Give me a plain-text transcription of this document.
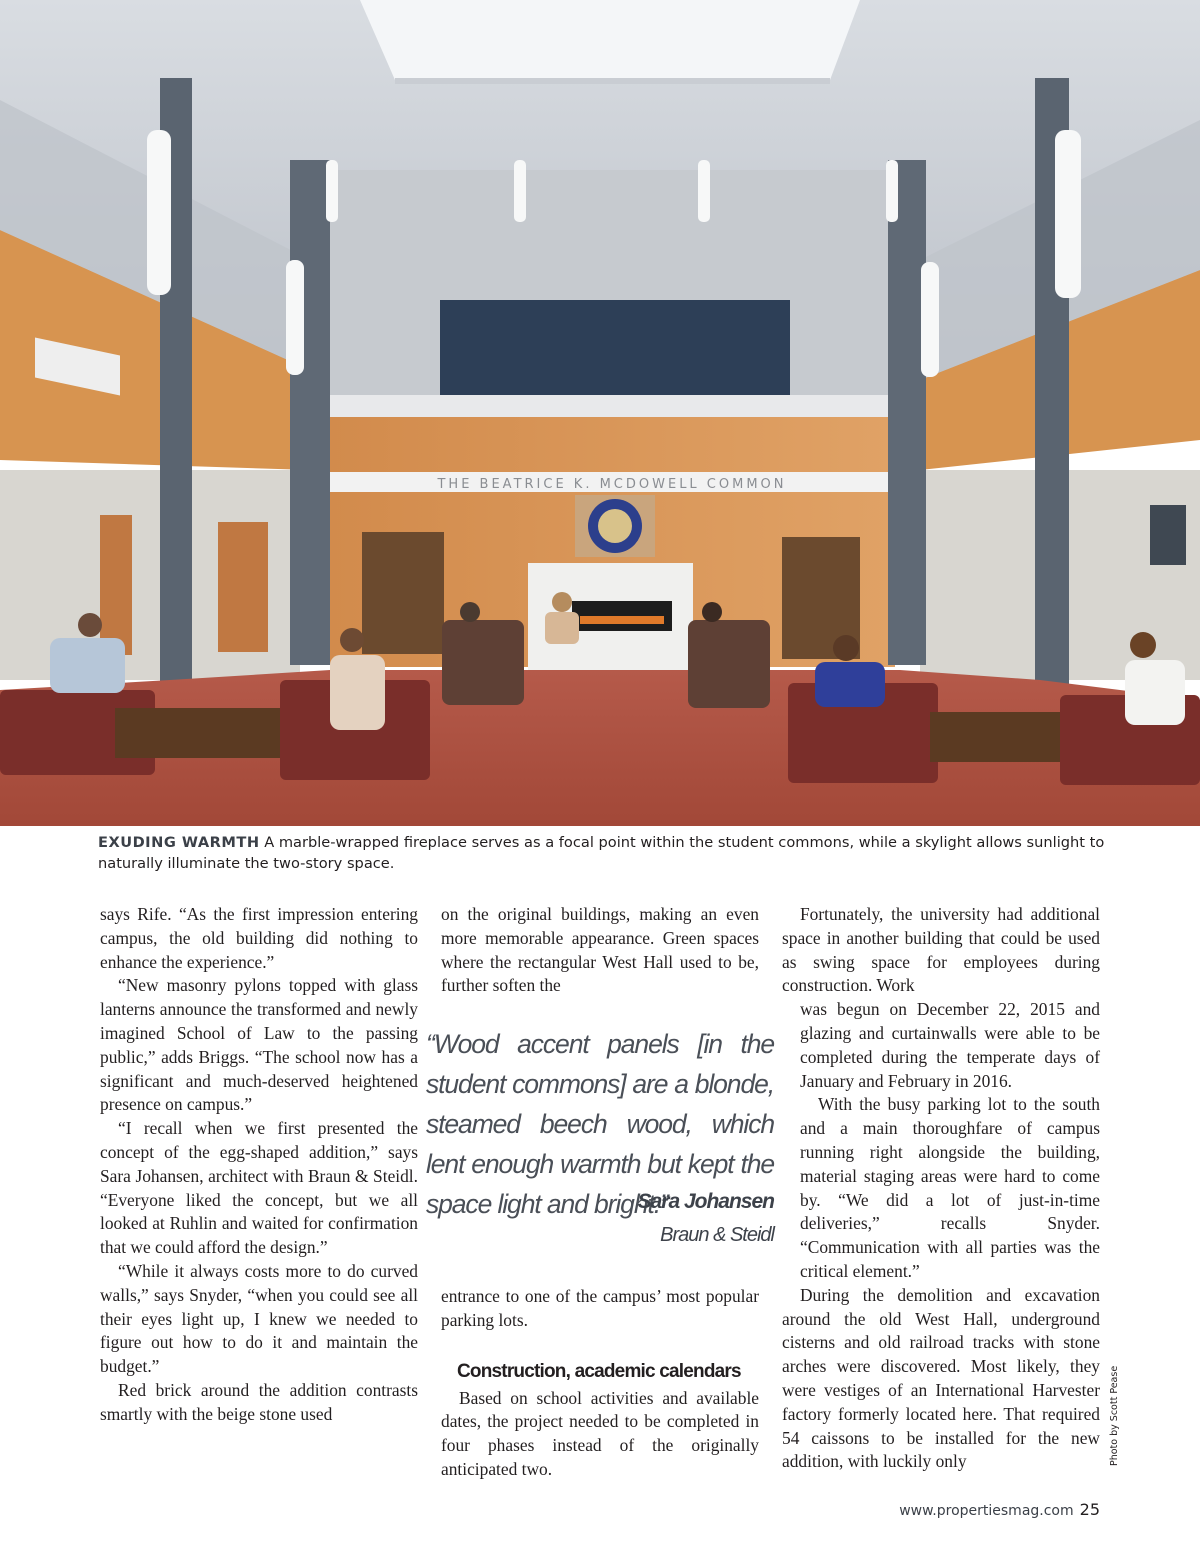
THE BEATRICE K. MCDOWELL COMMON
EXUDING WARMTH A marble-wrapped fireplace serves as a focal point within the student commons, while a skylight allows sunlight to naturally illuminate the two-story space.

says Rife. “As the first impression entering campus, the old building did nothing to enhance the experience.”

“New masonry pylons topped with glass lanterns announce the transformed and newly imagined School of Law to the passing public,” adds Briggs. “The school now has a significant and much-deserved heightened presence on campus.”

“I recall when we first presented the concept of the egg-shaped addition,” says Sara Johansen, architect with Braun & Steidl. “Everyone liked the concept, but we all looked at Ruhlin and waited for confirmation that we could afford the design.”

“While it always costs more to do curved walls,” says Snyder, “when you could see all their eyes light up, I knew we needed to figure out how to do it and maintain the budget.”

Red brick around the addition contrasts smartly with the beige stone used

on the original buildings, making an even more memorable appearance. Green spaces where the rectangular West Hall used to be, further soften the

“Wood accent panels [in the student commons] are a blonde, steamed beech wood, which lent enough warmth but kept the space light and bright.”
Sara Johansen
Braun & Steidl

entrance to one of the campus’ most popular parking lots.

Construction, academic calendars

Based on school activities and available dates, the project needed to be completed in four phases instead of the originally anticipated two.

Fortunately, the university had additional space in another building that could be used as swing space for employees during construction. Work

was begun on December 22, 2015 and glazing and curtainwalls were able to be completed during the temperate days of January and February in 2016.

With the busy parking lot to the south and a main thoroughfare of campus running right alongside the building, material staging areas were hard to come by. “We did a lot of just-in-time deliveries,” recalls Snyder. “Communication with all parties was the critical element.”

During the demolition and excavation around the old West Hall, underground cisterns and old railroad tracks with stone arches were discovered. Most likely, they were vestiges of an International Harvester factory formerly located here. That required 54 caissons to be installed for the new addition, with luckily only	Photo by Scott Pease
www.propertiesmag.com 25
